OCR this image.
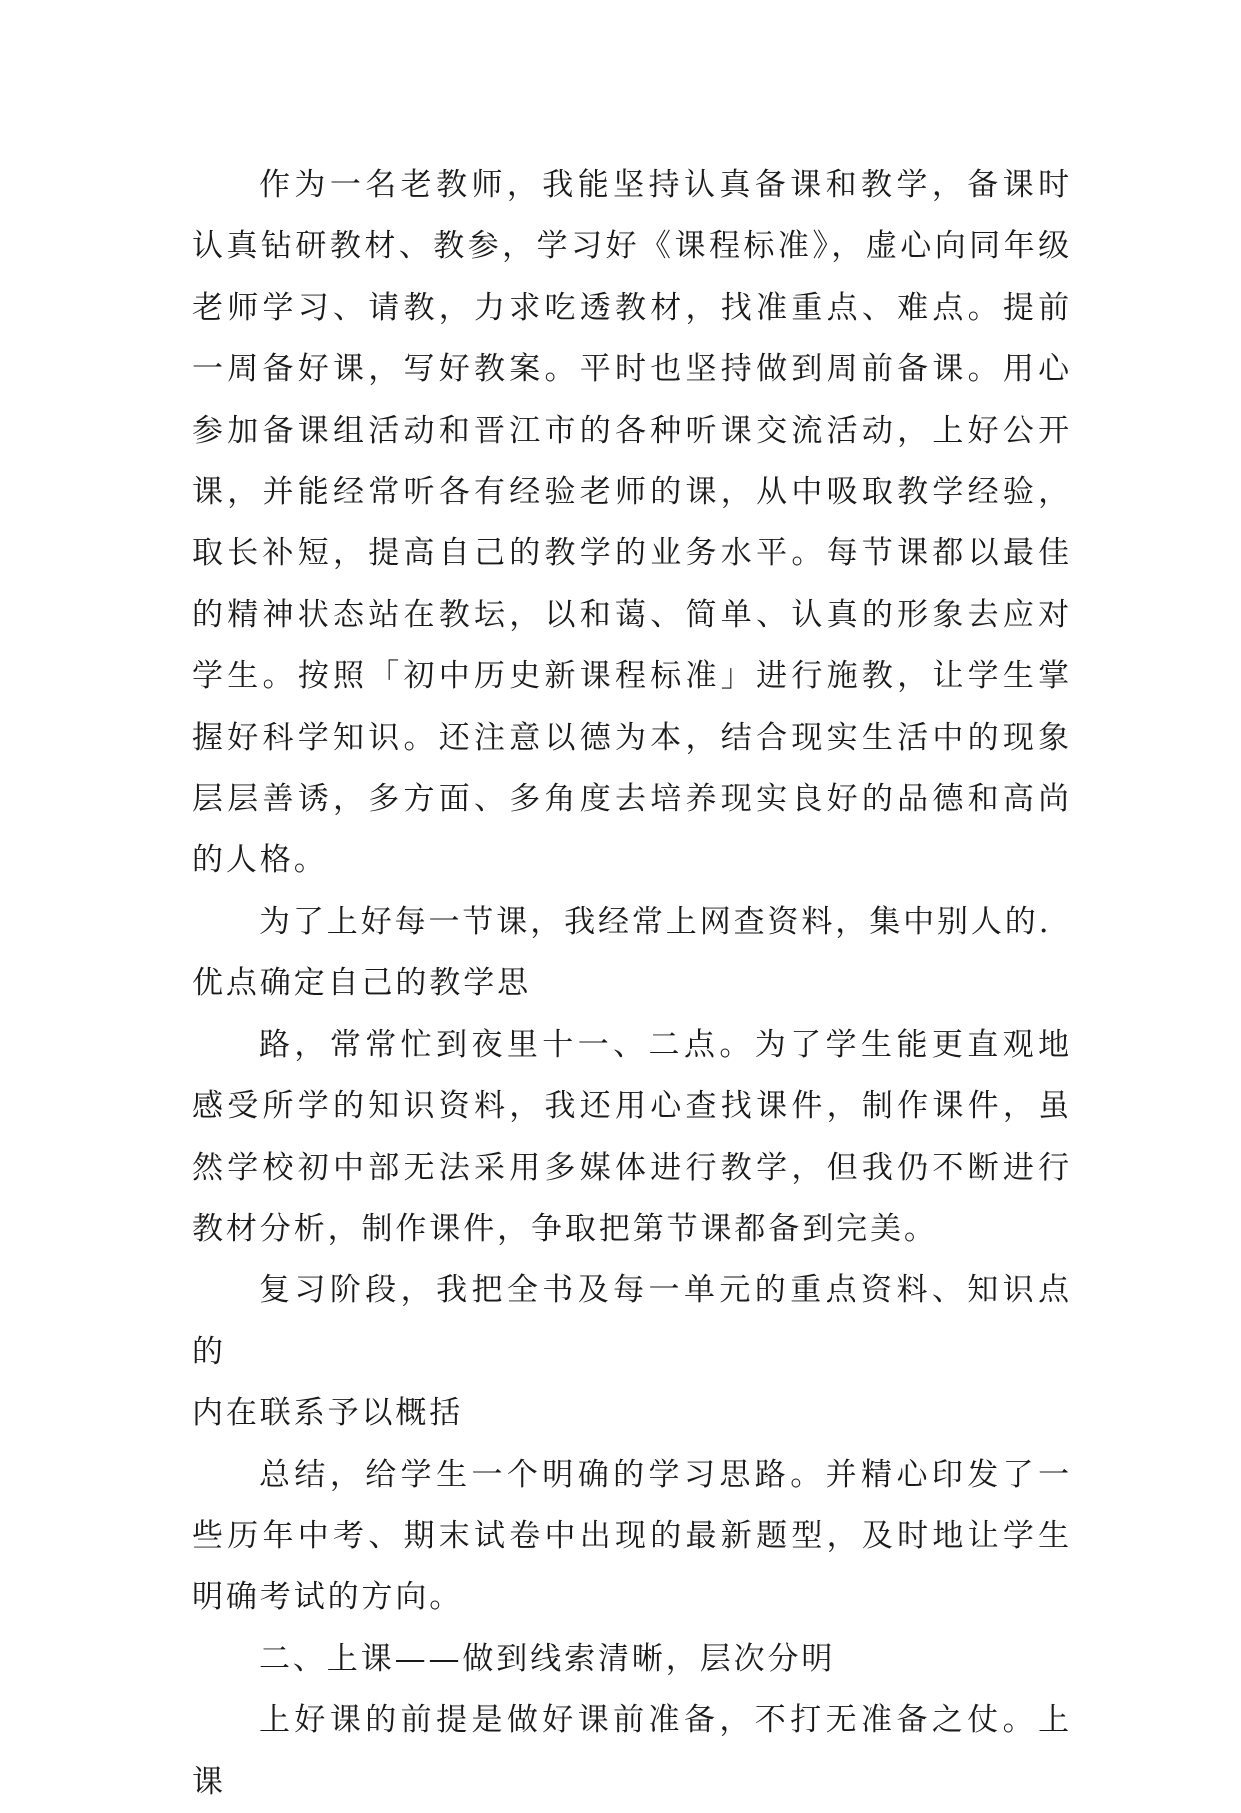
作为一名老教师，我能坚持认真备课和教学，备课时认真钻研教材、教参，学习好《课程标准》，虚心向同年级老师学习、请教，力求吃透教材，找准重点、难点。提前一周备好课，写好教案。平时也坚持做到周前备课。用心参加备课组活动和晋江市的各种听课交流活动，上好公开课，并能经常听各有经验老师的课，从中吸取教学经验，取长补短，提高自己的教学的业务水平。每节课都以最佳的精神状态站在教坛，以和蔼、简单、认真的形象去应对学生。按照「初中历史新课程标准」进行施教，让学生掌握好科学知识。还注意以德为本，结合现实生活中的现象层层善诱，多方面、多角度去培养现实良好的品德和高尚的人格。

为了上好每一节课，我经常上网查资料，集中别人的.

优点确定自己的教学思

路，常常忙到夜里十一、二点。为了学生能更直观地感受所学的知识资料，我还用心查找课件，制作课件，虽然学校初中部无法采用多媒体进行教学，但我仍不断进行教材分析，制作课件，争取把第节课都备到完美。

复习阶段，我把全书及每一单元的重点资料、知识点的

内在联系予以概括

总结，给学生一个明确的学习思路。并精心印发了一些历年中考、期末试卷中出现的最新题型，及时地让学生明确考试的方向。

二、上课——做到线索清晰，层次分明

上好课的前提是做好课前准备，不打无准备之仗。上课
